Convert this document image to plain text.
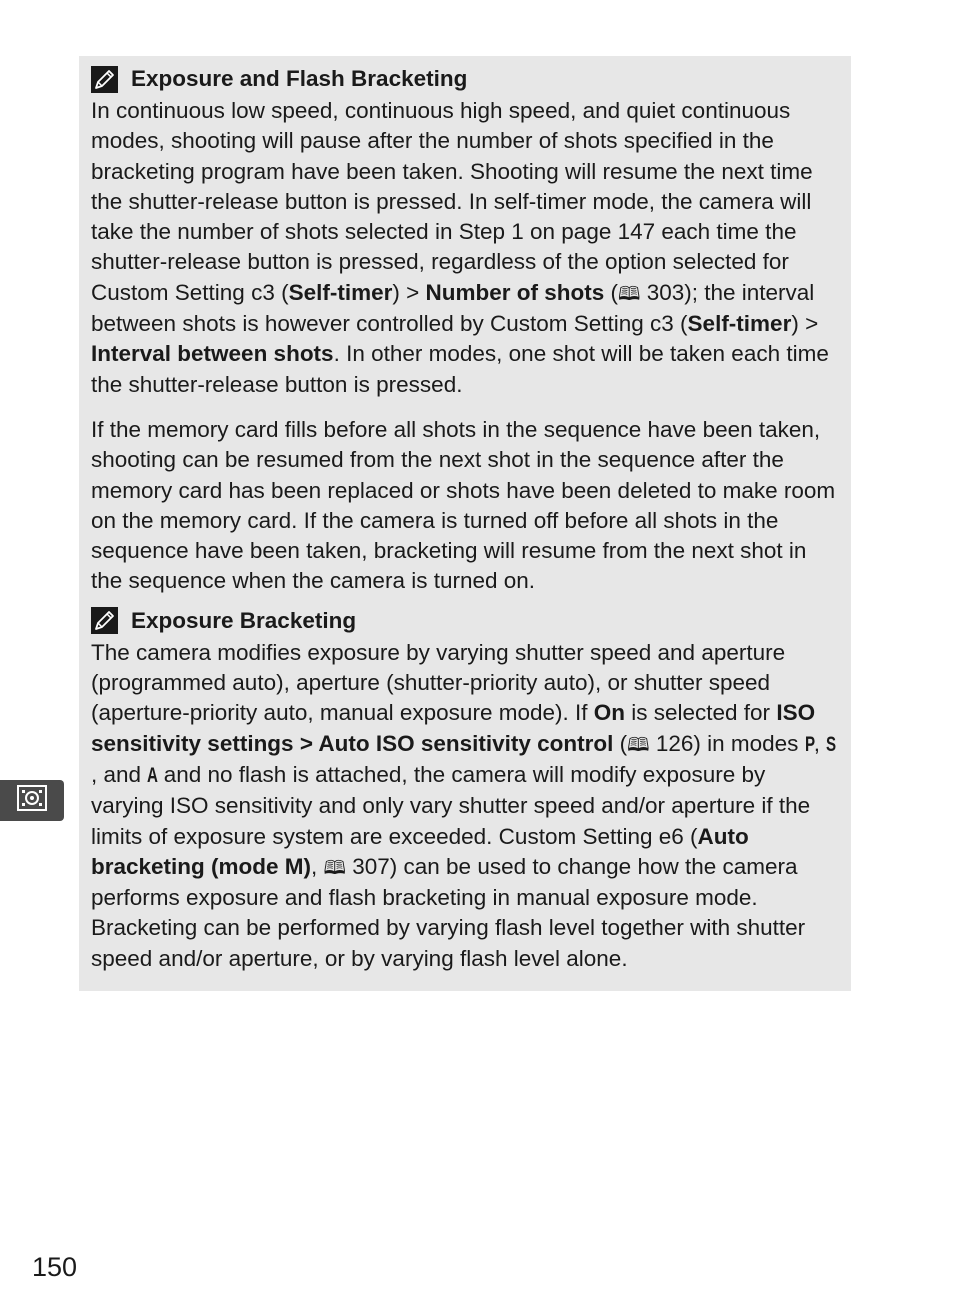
Exposure and Flash Bracketing

In continuous low speed, continuous high speed, and quiet continuous modes, shooting will pause after the number of shots specified in the bracketing program have been taken. Shooting will resume the next time the shutter-release button is pressed. In self-timer mode, the camera will take the number of shots selected in Step 1 on page 147 each time the shutter-release button is pressed, regardless of the option selected for Custom Setting c3 (Self-timer) > Number of shots (🕮 303); the interval between shots is however controlled by Custom Setting c3 (Self-timer) > Interval between shots. In other modes, one shot will be taken each time the shutter-release button is pressed.

If the memory card fills before all shots in the sequence have been taken, shooting can be resumed from the next shot in the sequence after the memory card has been replaced or shots have been deleted to make room on the memory card. If the camera is turned off before all shots in the sequence have been taken, bracketing will resume from the next shot in the sequence when the camera is turned on.

Exposure Bracketing

The camera modifies exposure by varying shutter speed and aperture (programmed auto), aperture (shutter-priority auto), or shutter speed (aperture-priority auto, manual exposure mode). If On is selected for ISO sensitivity settings > Auto ISO sensitivity control (🕮 126) in modes P, S, and A and no flash is attached, the camera will modify exposure by varying ISO sensitivity and only vary shutter speed and/or aperture if the limits of exposure system are exceeded. Custom Setting e6 (Auto bracketing (mode M), 🕮 307) can be used to change how the camera performs exposure and flash bracketing in manual exposure mode. Bracketing can be performed by varying flash level together with shutter speed and/or aperture, or by varying flash level alone.

150
